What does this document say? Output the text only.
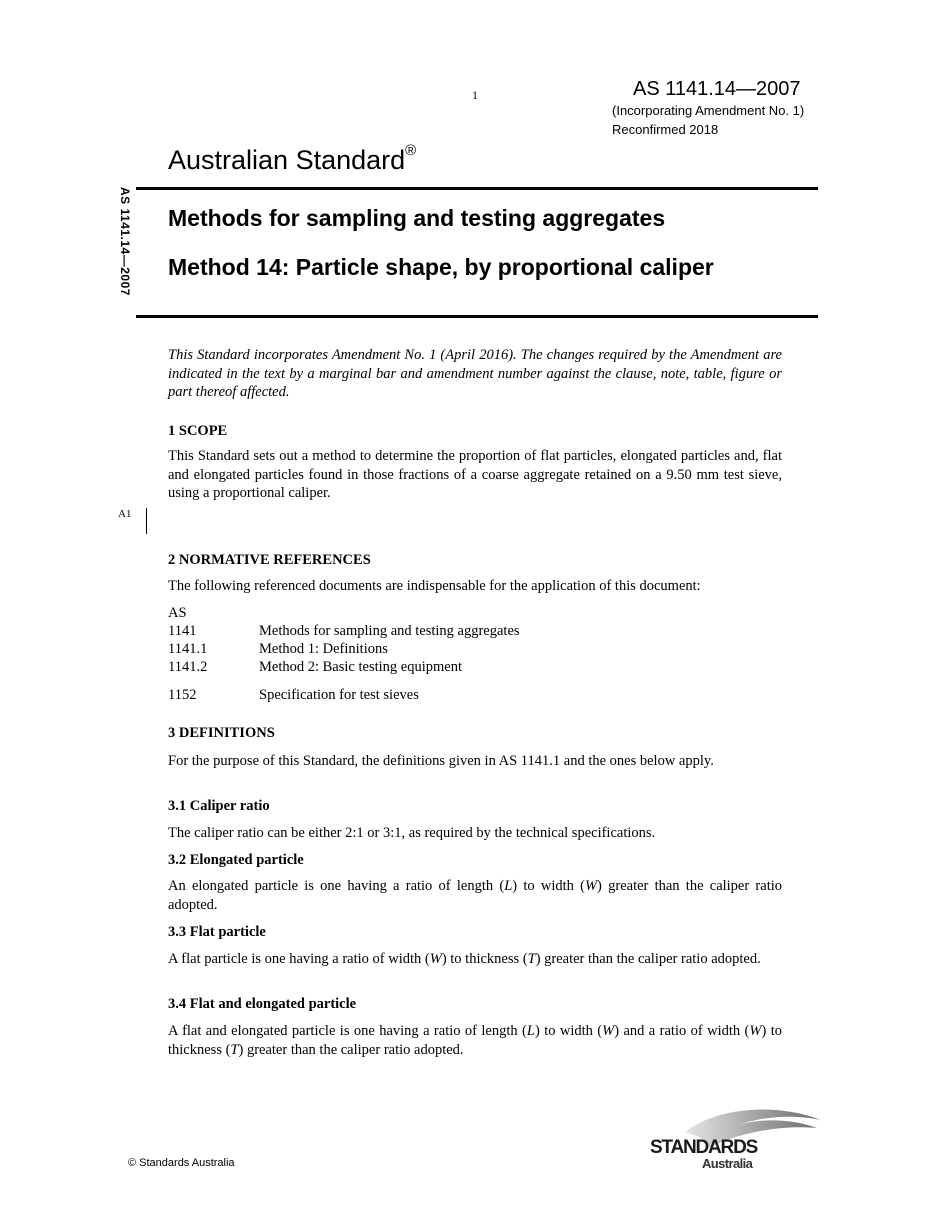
1	AS 1141.14—2007
(Incorporating Amendment No. 1)
Reconfirmed 2018
Australian Standard®
AS 1141.14—2007 Methods for sampling and testing aggregates
Method 14: Particle shape, by proportional caliper
This Standard incorporates Amendment No. 1 (April 2016). The changes required by the Amendment are indicated in the text by a marginal bar and amendment number against the clause, note, table, figure or part thereof affected.
1 SCOPE
This Standard sets out a method to determine the proportion of flat particles, elongated particles and, flat and elongated particles found in those fractions of a coarse aggregate retained on a 9.50 mm test sieve, using a proportional caliper.
A1
2 NORMATIVE REFERENCES
The following referenced documents are indispensable for the application of this document:
AS
1141	Methods for sampling and testing aggregates
1141.1	Method 1: Definitions
1141.2	Method 2: Basic testing equipment
1152	Specification for test sieves
3 DEFINITIONS
For the purpose of this Standard, the definitions given in AS 1141.1 and the ones below apply.
3.1 Caliper ratio
The caliper ratio can be either 2:1 or 3:1, as required by the technical specifications.
3.2 Elongated particle
An elongated particle is one having a ratio of length (L) to width (W) greater than the caliper ratio adopted.
3.3 Flat particle
A flat particle is one having a ratio of width (W) to thickness (T) greater than the caliper ratio adopted.
3.4 Flat and elongated particle
A flat and elongated particle is one having a ratio of length (L) to width (W) and a ratio of width (W) to thickness (T) greater than the caliper ratio adopted.
© Standards Australia
STANDARDS
Australia
